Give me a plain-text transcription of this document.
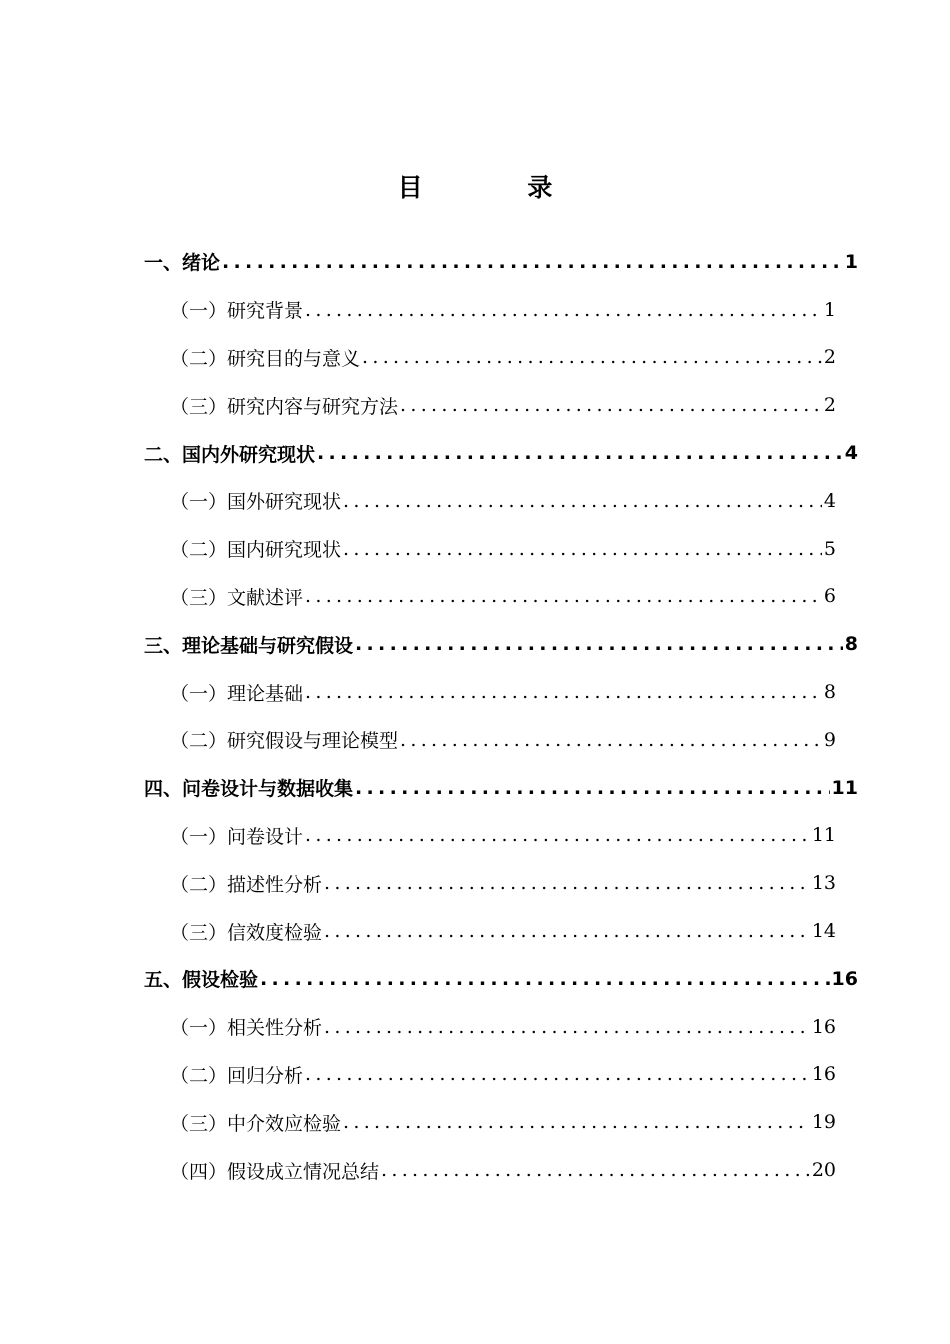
目 录
一、绪论 .....	1
（一）研究背景 .....	1
（二）研究目的与意义 .....	2
（三）研究内容与研究方法 .....	2
二、国内外研究现状 .....	4
（一）国外研究现状 .....	4
（二）国内研究现状 .....	5
（三）文献述评 .....	6
三、理论基础与研究假设 .....	8
（一）理论基础 .....	8
（二）研究假设与理论模型 .....	9
四、问卷设计与数据收集 .....	11
（一）问卷设计 .....	11
（二）描述性分析 .....	13
（三）信效度检验 .....	14
五、假设检验 .....	16
（一）相关性分析 .....	16
（二）回归分析 .....	16
（三）中介效应检验 .....	19
（四）假设成立情况总结 .....	20
